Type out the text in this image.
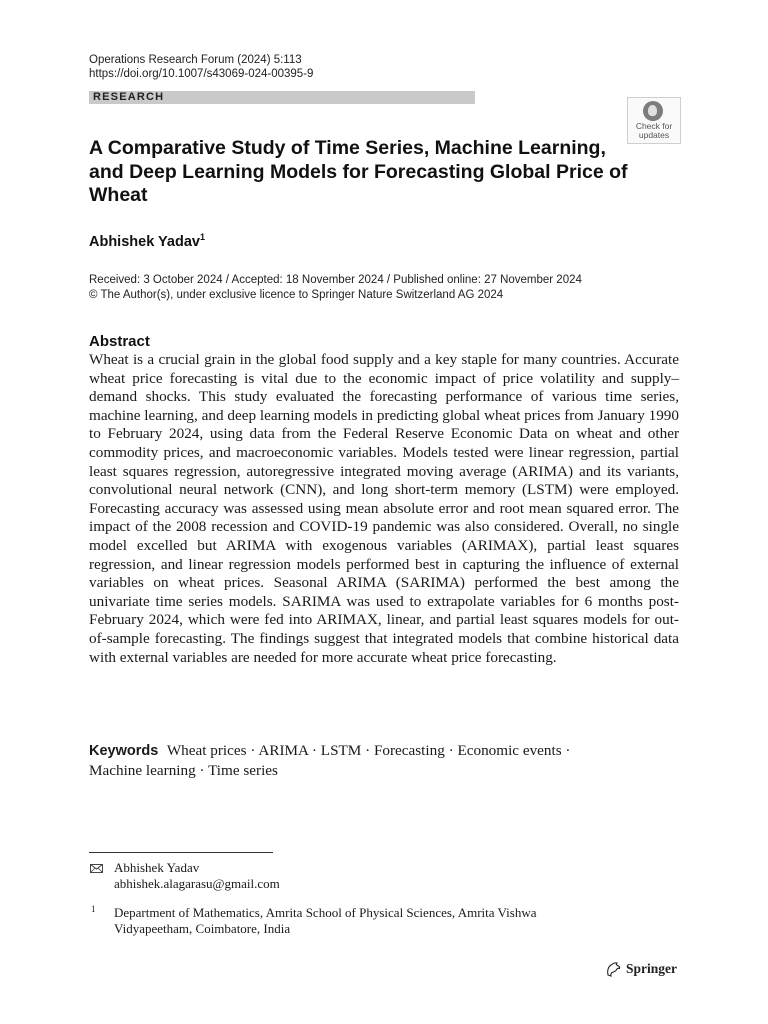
Operations Research Forum (2024) 5:113
https://doi.org/10.1007/s43069-024-00395-9
RESEARCH
Check for
updates
A Comparative Study of Time Series, Machine Learning, and Deep Learning Models for Forecasting Global Price of Wheat
Abhishek Yadav$^1$
Received: 3 October 2024 / Accepted: 18 November 2024 / Published online: 27 November 2024
© The Author(s), under exclusive licence to Springer Nature Switzerland AG 2024
Abstract
Wheat is a crucial grain in the global food supply and a key staple for many countries. Accurate wheat price forecasting is vital due to the economic impact of price volatility and supply–demand shocks. This study evaluated the forecasting performance of various time series, machine learning, and deep learning models in predicting global wheat prices from January 1990 to February 2024, using data from the Federal Reserve Economic Data on wheat and other commodity prices, and macroeconomic variables. Models tested were linear regression, partial least squares regression, autoregressive integrated moving average (ARIMA) and its variants, convolutional neural network (CNN), and long short-term memory (LSTM) were employed. Forecasting accuracy was assessed using mean absolute error and root mean squared error. The impact of the 2008 recession and COVID-19 pandemic was also considered. Overall, no single model excelled but ARIMA with exogenous variables (ARIMAX), partial least squares regression, and linear regression models performed best in capturing the influence of external variables on wheat prices. Seasonal ARIMA (SARIMA) performed the best among the univariate time series models. SARIMA was used to extrapolate variables for 6 months post-February 2024, which were fed into ARIMAX, linear, and partial least squares models for out-of-sample forecasting. The findings suggest that integrated models that combine historical data with external variables are needed for more accurate wheat price forecasting.
Keywords Wheat prices · ARIMA · LSTM · Forecasting · Economic events ·
Machine learning · Time series
Abhishek Yadav
abhishek.alagarasu@gmail.com
1 Department of Mathematics, Amrita School of Physical Sciences, Amrita Vishwa
Vidyapeetham, Coimbatore, India
Springer
